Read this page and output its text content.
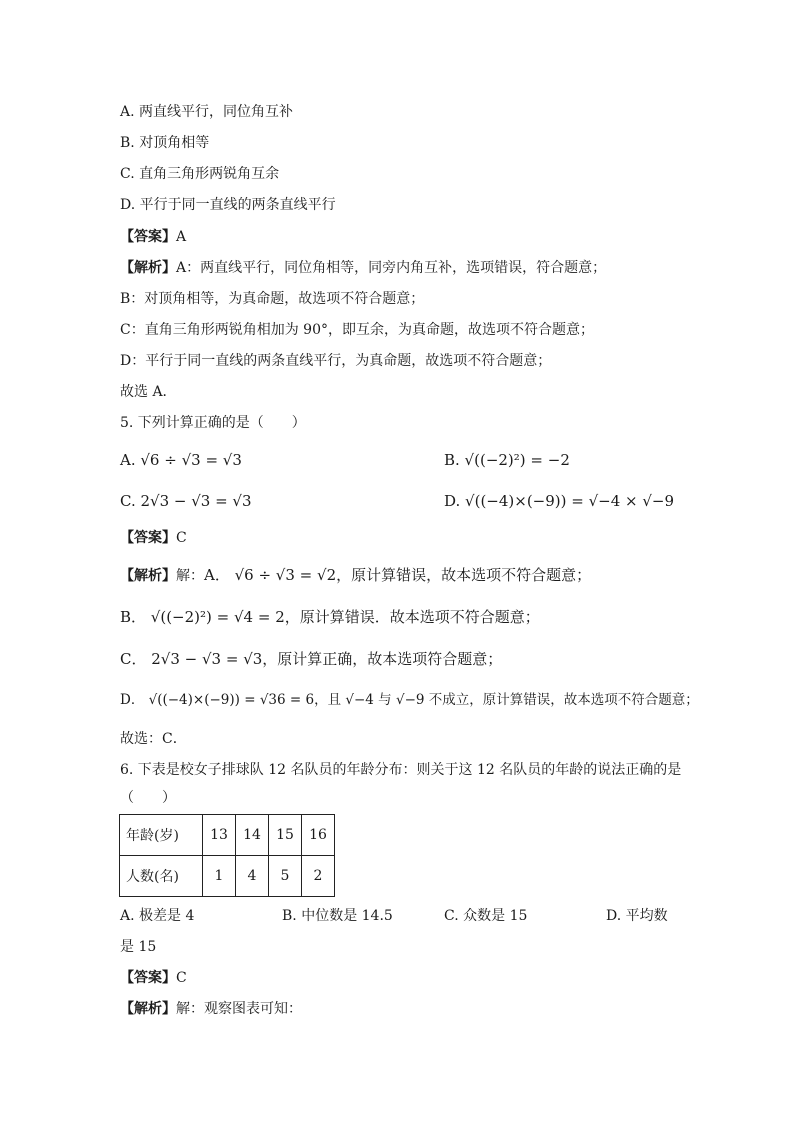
A. 两直线平行，同位角互补
B. 对顶角相等
C. 直角三角形两锐角互余
D. 平行于同一直线的两条直线平行
【答案】A
【解析】A：两直线平行，同位角相等，同旁内角互补，选项错误，符合题意；
B：对顶角相等，为真命题，故选项不符合题意；
C：直角三角形两锐角相加为 90°，即互余，为真命题，故选项不符合题意；
D：平行于同一直线的两条直线平行，为真命题，故选项不符合题意；
故选 A．
5. 下列计算正确的是（　　）
A. √6 ÷ √3 = √3	B. √((−2)²) = −2
C. 2√3 − √3 = √3	D. √((−4)×(−9)) = √−4 × √−9
【答案】C
【解析】解：A． √6 ÷ √3 = √2，原计算错误，故本选项不符合题意；
B． √((−2)²) = √4 = 2，原计算错误．故本选项不符合题意；
C． 2√3 − √3 = √3，原计算正确，故本选项符合题意；
D． √((−4)×(−9)) = √36 = 6，且 √−4 与 √−9 不成立，原计算错误，故本选项不符合题意；
故选：C．
6. 下表是校女子排球队 12 名队员的年龄分布：则关于这 12 名队员的年龄的说法正确的是
（　　）
年龄(岁)	13	14	15	16
人数(名)	1	4	5	2
A. 极差是 4	B. 中位数是 14.5	C. 众数是 15	D. 平均数
是 15
【答案】C
【解析】解：观察图表可知：
